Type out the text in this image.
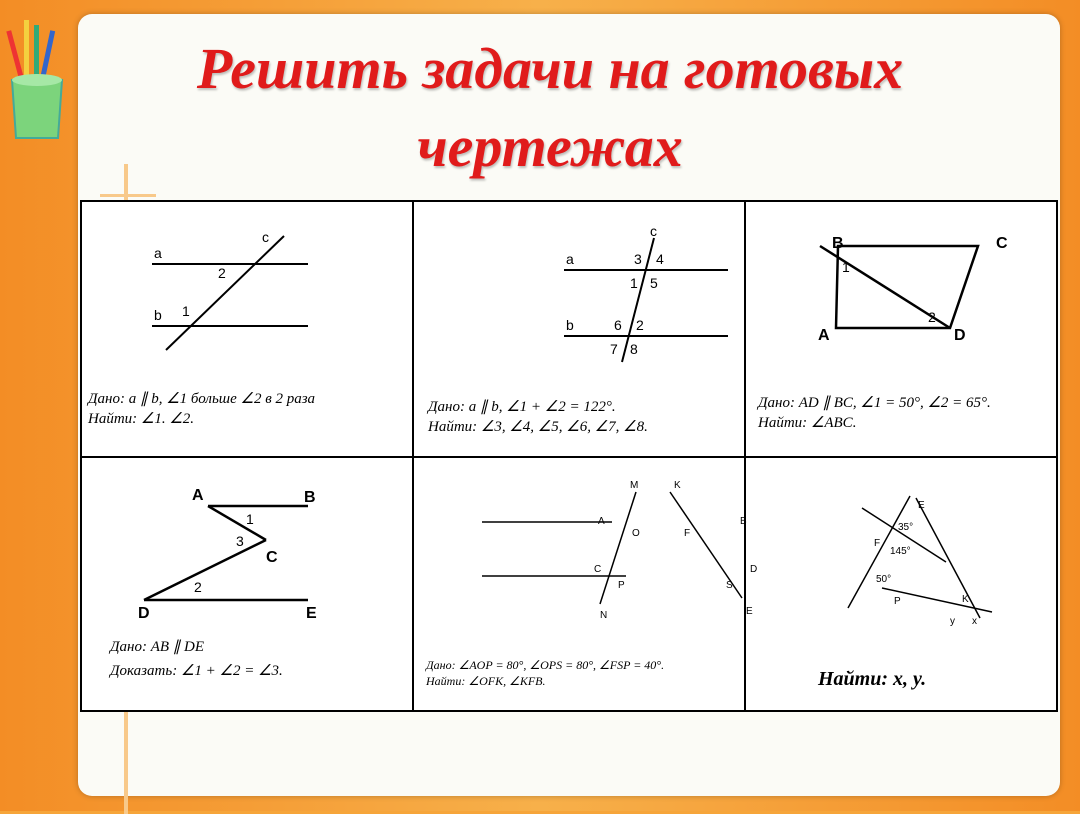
Решить задачи на готовых
чертежах
a
b
c
2
1
Дано: a ∥ b, ∠1 больше ∠2 в 2 раза
Найти: ∠1. ∠2.
a
b
c
3 4
1 5
6 2
7 8
Дано: a ∥ b, ∠1 + ∠2 = 122°.
Найти: ∠3, ∠4, ∠5, ∠6, ∠7, ∠8.
B	C
A	D
1
2
Дано: AD ∥ BC, ∠1 = 50°, ∠2 = 65°.
Найти: ∠ABC.
A	B
C
D	E
1
3
2
Дано: AB ∥ DE
Доказать: ∠1 + ∠2 = ∠3.
M	K
A	B
O	F
C	D
P	S
N	E
Дано: ∠AOP = 80°, ∠OPS = 80°, ∠FSP = 40°.
Найти: ∠OFK, ∠KFB.
E
F
P	K
35°
145°
50°
y x
Найти: x, y.
